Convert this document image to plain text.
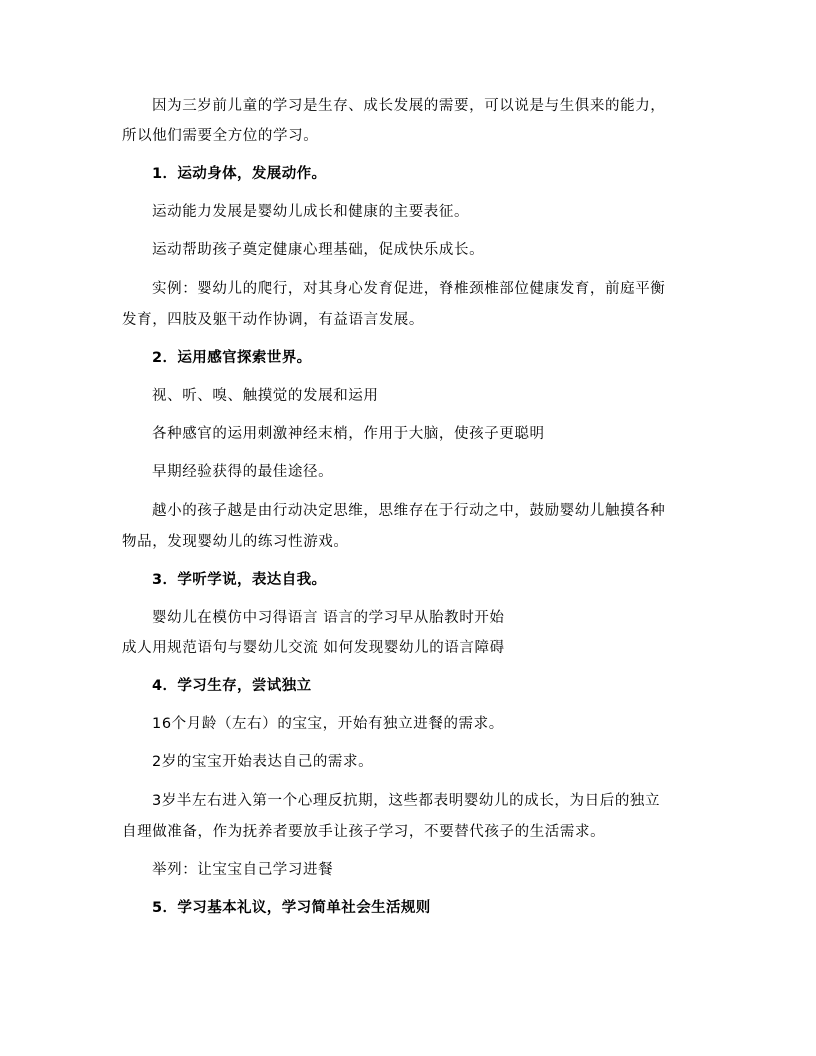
因为三岁前儿童的学习是生存、成长发展的需要，可以说是与生俱来的能力，
所以他们需要全方位的学习。
1．运动身体，发展动作。
运动能力发展是婴幼儿成长和健康的主要表征。
运动帮助孩子奠定健康心理基础，促成快乐成长。
实例：婴幼儿的爬行，对其身心发育促进，脊椎颈椎部位健康发育，前庭平衡
发育，四肢及躯干动作协调，有益语言发展。
2．运用感官探索世界。
视、听、嗅、触摸觉的发展和运用
各种感官的运用刺激神经末梢，作用于大脑，使孩子更聪明
早期经验获得的最佳途径。
越小的孩子越是由行动决定思维，思维存在于行动之中，鼓励婴幼儿触摸各种
物品，发现婴幼儿的练习性游戏。
3．学听学说，表达自我。
婴幼儿在模仿中习得语言 语言的学习早从胎教时开始
成人用规范语句与婴幼儿交流 如何发现婴幼儿的语言障碍
4．学习生存，尝试独立
16个月龄（左右）的宝宝，开始有独立进餐的需求。
2岁的宝宝开始表达自己的需求。
3岁半左右进入第一个心理反抗期，这些都表明婴幼儿的成长，为日后的独立
自理做准备，作为抚养者要放手让孩子学习，不要替代孩子的生活需求。
举列：让宝宝自己学习进餐
5．学习基本礼议，学习简单社会生活规则
